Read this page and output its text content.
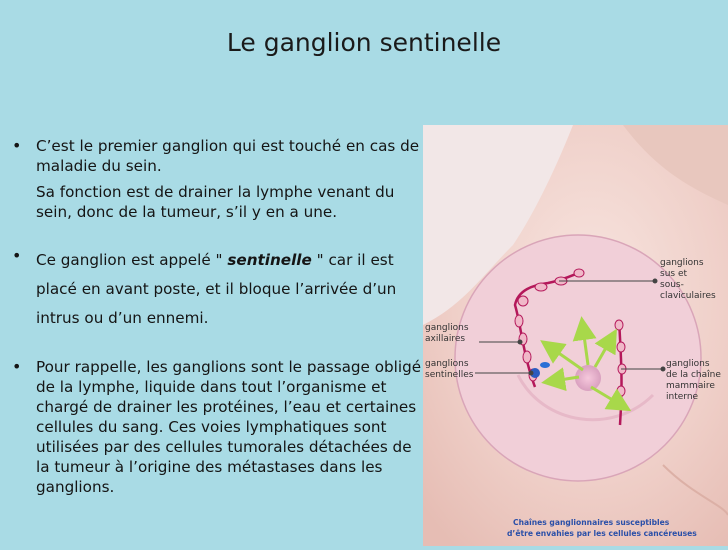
Le ganglion sentinelle

• C’est le premier ganglion qui est touché en cas de maladie du sein.

Sa fonction est de drainer la lymphe venant du sein, donc de la tumeur, s’il y en a une.

• Ce ganglion est appelé " sentinelle " car il est placé en avant poste, et il bloque l’arrivée d’un intrus ou d’un ennemi.

• Pour rappelle, les ganglions sont le passage obligé de la lymphe, liquide dans tout l’organisme et chargé de drainer les protéines, l’eau et certaines cellules du sang. Ces voies lymphatiques sont utilisées par des cellules tumorales détachées de la tumeur à l’origine des métastases dans les ganglions.

ganglions sus et sous- claviculaires
ganglions axillaires
ganglions sentinelles
ganglions de la chaîne mammaire interne
Chaînes ganglionnaires susceptibles d’être envahies par les cellules cancéreuses
